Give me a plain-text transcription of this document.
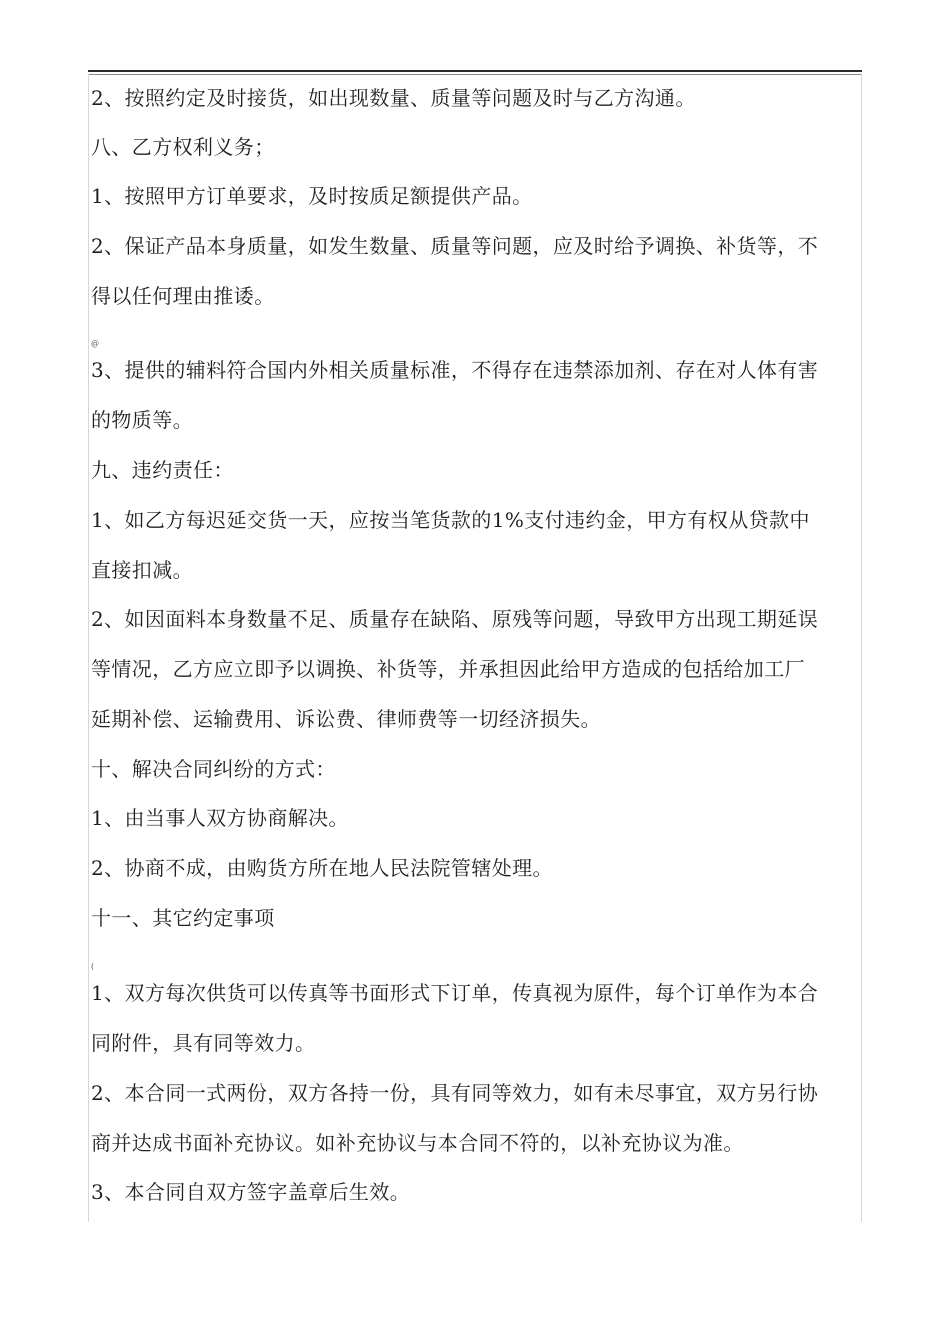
2、按照约定及时接货，如出现数量、质量等问题及时与乙方沟通。
八、乙方权利义务；
1、按照甲方订单要求，及时按质足额提供产品。
2、保证产品本身质量，如发生数量、质量等问题，应及时给予调换、补货等，不
得以任何理由推诿。
@
3、提供的辅料符合国内外相关质量标准，不得存在违禁添加剂、存在对人体有害
的物质等。
九、违约责任：
1、如乙方每迟延交货一天，应按当笔货款的1%支付违约金，甲方有权从贷款中
直接扣减。
2、如因面料本身数量不足、质量存在缺陷、原残等问题，导致甲方出现工期延误
等情况，乙方应立即予以调换、补货等，并承担因此给甲方造成的包括给加工厂
延期补偿、运输费用、诉讼费、律师费等一切经济损失。
十、解决合同纠纷的方式：
1、由当事人双方协商解决。
2、协商不成，由购货方所在地人民法院管辖处理。
十一、其它约定事项
(
1、双方每次供货可以传真等书面形式下订单，传真视为原件，每个订单作为本合
同附件，具有同等效力。
2、本合同一式两份，双方各持一份，具有同等效力，如有未尽事宜，双方另行协
商并达成书面补充协议。如补充协议与本合同不符的，以补充协议为准。
3、本合同自双方签字盖章后生效。
